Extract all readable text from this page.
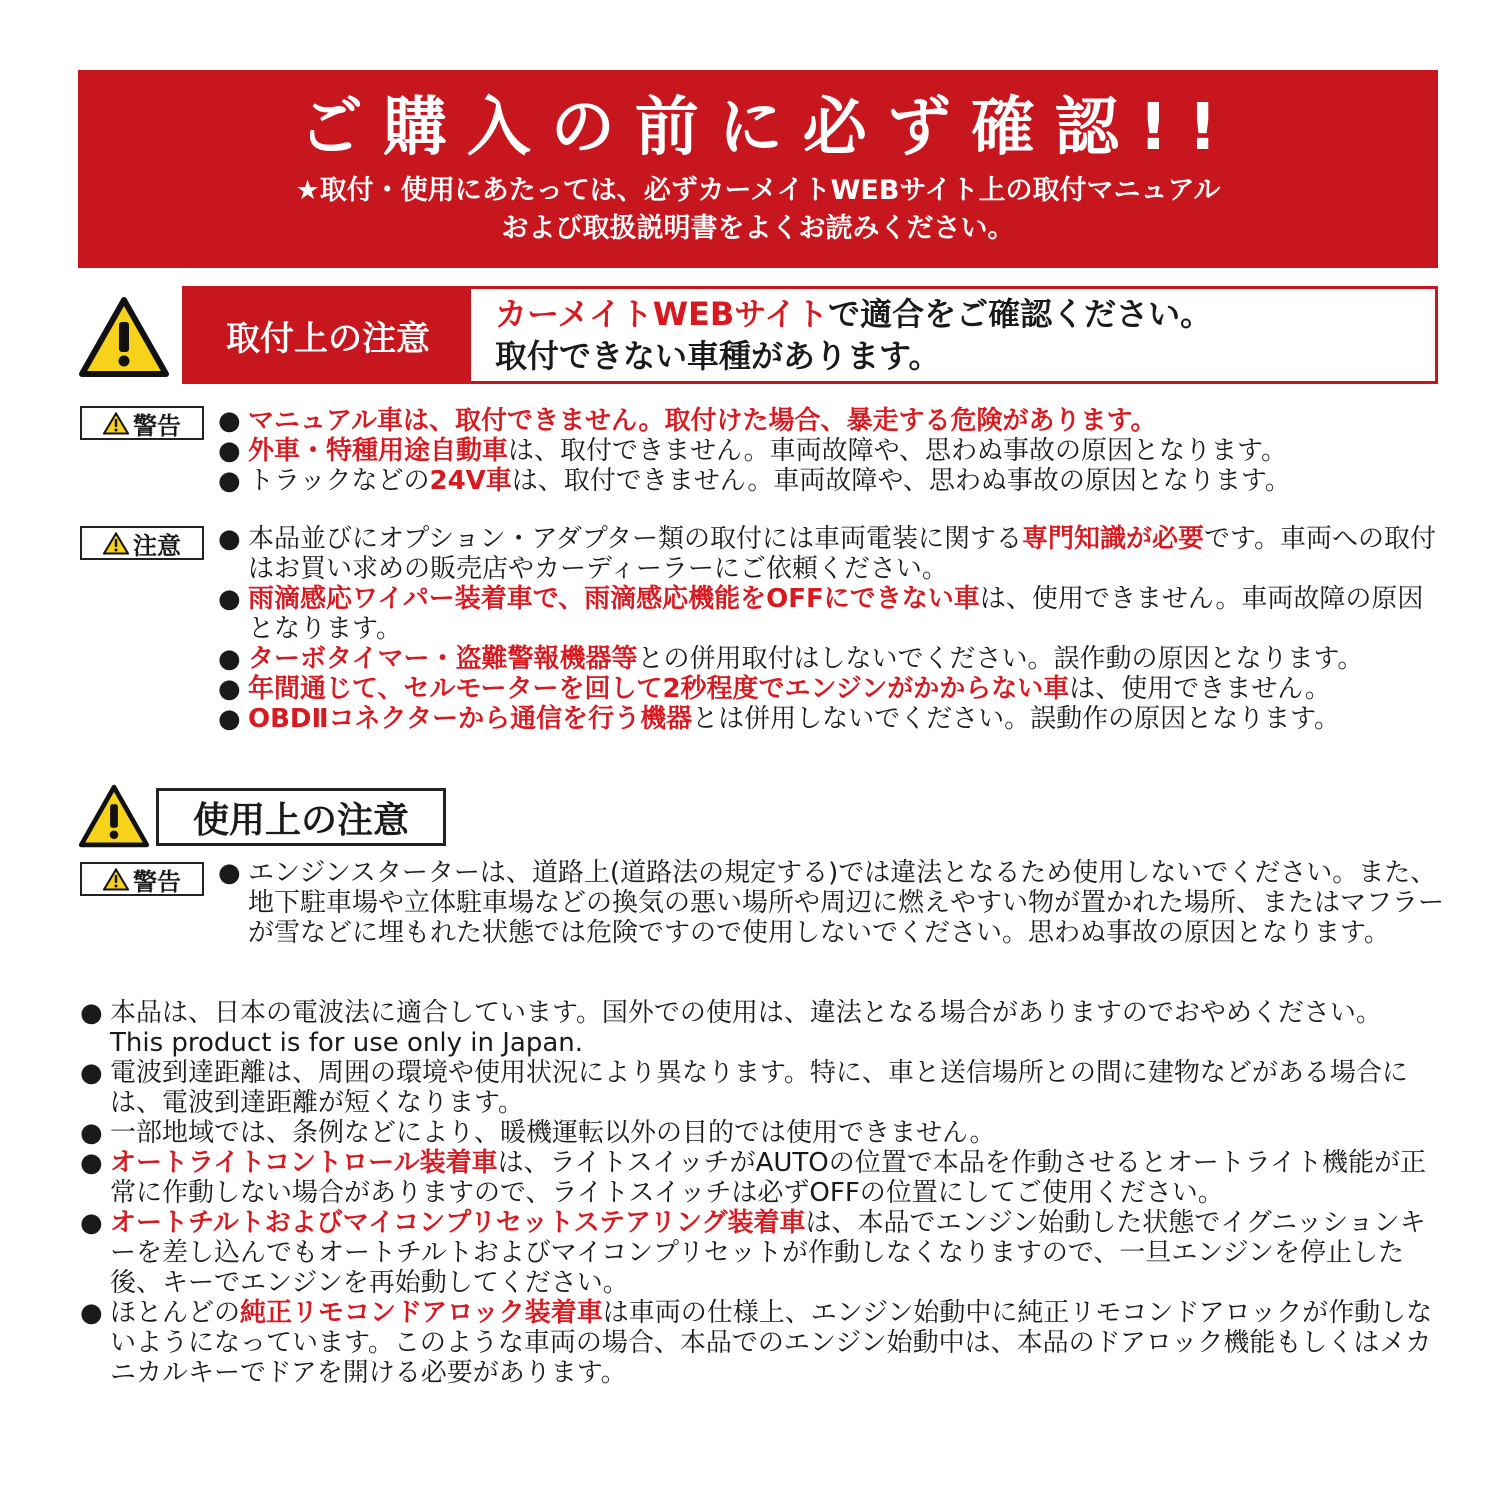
ご購入の前に必ず確認!!
★取付・使用にあたっては、必ずカーメイトWEBサイト上の取付マニュアル
および取扱説明書をよくお読みください。
取付上の注意
カーメイトWEBサイトで適合をご確認ください。
取付できない車種があります。
警告 ● マニュアル車は、取付できません。取付けた場合、暴走する危険があります。

● 外車・特種用途自動車は、取付できません。車両故障や、思わぬ事故の原因となります。

● トラックなどの24V車は、取付できません。車両故障や、思わぬ事故の原因となります。

注意 ● 本品並びにオプション・アダプター類の取付には車両電装に関する専門知識が必要です。車両への取付はお買い求めの販売店やカーディーラーにご依頼ください。

● 雨滴感応ワイパー装着車で、雨滴感応機能をOFFにできない車は、使用できません。車両故障の原因となります。

● ターボタイマー・盗難警報機器等との併用取付はしないでください。誤作動の原因となります。

● 年間通じて、セルモーターを回して2秒程度でエンジンがかからない車は、使用できません。

● OBDⅡコネクターから通信を行う機器とは併用しないでください。誤動作の原因となります。

使用上の注意
警告 ● エンジンスターターは、道路上(道路法の規定する)では違法となるため使用しないでください。また、地下駐車場や立体駐車場などの換気の悪い場所や周辺に燃えやすい物が置かれた場所、またはマフラーが雪などに埋もれた状態では危険ですので使用しないでください。思わぬ事故の原因となります。

● 本品は、日本の電波法に適合しています。国外での使用は、違法となる場合がありますのでおやめください。

This product is for use only in Japan.

● 電波到達距離は、周囲の環境や使用状況により異なります。特に、車と送信場所との間に建物などがある場合には、電波到達距離が短くなります。

● 一部地域では、条例などにより、暖機運転以外の目的では使用できません。

● オートライトコントロール装着車は、ライトスイッチがAUTOの位置で本品を作動させるとオートライト機能が正常に作動しない場合がありますので、ライトスイッチは必ずOFFの位置にしてご使用ください。

● オートチルトおよびマイコンプリセットステアリング装着車は、本品でエンジン始動した状態でイグニッションキーを差し込んでもオートチルトおよびマイコンプリセットが作動しなくなりますので、一旦エンジンを停止した後、キーでエンジンを再始動してください。

● ほとんどの純正リモコンドアロック装着車は車両の仕様上、エンジン始動中に純正リモコンドアロックが作動しないようになっています。このような車両の場合、本品でのエンジン始動中は、本品のドアロック機能もしくはメカニカルキーでドアを開ける必要があります。
